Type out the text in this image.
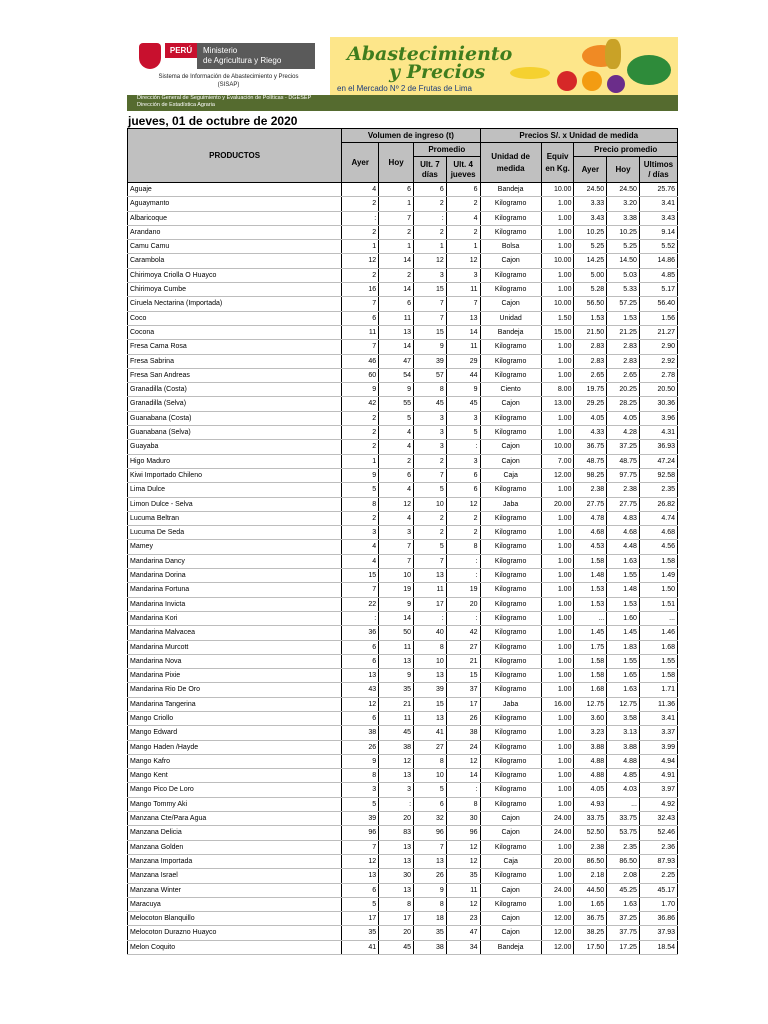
PERÚ	Ministerio
de Agricultura y Riego
Sistema de Información de Abastecimiento y Precios
(SISAP)
Abastecimiento
y Precios
en el Mercado Nº 2 de Frutas de Lima
Dirección General de Seguimiento y Evaluación de Políticas - DGESEP
Dirección de Estadística Agraria
jueves, 01 de octubre de 2020
PRODUCTOS	Volumen de ingreso (t)				Precios S/. x Unidad de medida				
	Ayer	Hoy	Promedio		Unidad de medida	Equiv en Kg.	Precio promedio		
			Ult. 7 días	Ult. 4 jueves			Ayer	Hoy	Ultimos / días
Aguaje	4	6	6	6	Bandeja	10.00	24.50	24.50	25.76
Aguaymanto	2	1	2	2	Kilogramo	1.00	3.33	3.20	3.41
Albaricoque	:	7	:	4	Kilogramo	1.00	3.43	3.38	3.43
Arandano	2	2	2	2	Kilogramo	1.00	10.25	10.25	9.14
Camu Camu	1	1	1	1	Bolsa	1.00	5.25	5.25	5.52
Carambola	12	14	12	12	Cajon	10.00	14.25	14.50	14.86
Chirimoya Criolla O Huayco	2	2	3	3	Kilogramo	1.00	5.00	5.03	4.85
Chirimoya Cumbe	16	14	15	11	Kilogramo	1.00	5.28	5.33	5.17
Ciruela Nectarina (Importada)	7	6	7	7	Cajon	10.00	56.50	57.25	56.40
Coco	6	11	7	13	Unidad	1.50	1.53	1.53	1.56
Cocona	11	13	15	14	Bandeja	15.00	21.50	21.25	21.27
Fresa Cama Rosa	7	14	9	11	Kilogramo	1.00	2.83	2.83	2.90
Fresa Sabrina	46	47	39	29	Kilogramo	1.00	2.83	2.83	2.92
Fresa San Andreas	60	54	57	44	Kilogramo	1.00	2.65	2.65	2.78
Granadilla (Costa)	9	9	8	9	Ciento	8.00	19.75	20.25	20.50
Granadilla (Selva)	42	55	45	45	Cajon	13.00	29.25	28.25	30.36
Guanabana (Costa)	2	5	3	3	Kilogramo	1.00	4.05	4.05	3.96
Guanabana (Selva)	2	4	3	5	Kilogramo	1.00	4.33	4.28	4.31
Guayaba	2	4	3	:	Cajon	10.00	36.75	37.25	36.93
Higo Maduro	1	2	2	3	Cajon	7.00	48.75	48.75	47.24
Kiwi Importado Chileno	9	6	7	6	Caja	12.00	98.25	97.75	92.58
Lima Dulce	5	4	5	6	Kilogramo	1.00	2.38	2.38	2.35
Limon Dulce - Selva	8	12	10	12	Jaba	20.00	27.75	27.75	26.82
Lucuma Beltran	2	4	2	2	Kilogramo	1.00	4.78	4.83	4.74
Lucuma De Seda	3	3	2	2	Kilogramo	1.00	4.68	4.68	4.68
Mamey	4	7	5	8	Kilogramo	1.00	4.53	4.48	4.56
Mandarina Dancy	4	7	7	:	Kilogramo	1.00	1.58	1.63	1.58
Mandarina Dorina	15	10	13	:	Kilogramo	1.00	1.48	1.55	1.49
Mandarina Fortuna	7	19	11	19	Kilogramo	1.00	1.53	1.48	1.50
Mandarina Invicta	22	9	17	20	Kilogramo	1.00	1.53	1.53	1.51
Mandarina Kori	:	14	:	:	Kilogramo	1.00	...	1.60	...
Mandarina Malvacea	36	50	40	42	Kilogramo	1.00	1.45	1.45	1.46
Mandarina Murcott	6	11	8	27	Kilogramo	1.00	1.75	1.83	1.68
Mandarina Nova	6	13	10	21	Kilogramo	1.00	1.58	1.55	1.55
Mandarina Pixie	13	9	13	15	Kilogramo	1.00	1.58	1.65	1.58
Mandarina Rio De Oro	43	35	39	37	Kilogramo	1.00	1.68	1.63	1.71
Mandarina Tangerina	12	21	15	17	Jaba	16.00	12.75	12.75	11.36
Mango Criollo	6	11	13	26	Kilogramo	1.00	3.60	3.58	3.41
Mango Edward	38	45	41	38	Kilogramo	1.00	3.23	3.13	3.37
Mango Haden /Hayde	26	38	27	24	Kilogramo	1.00	3.88	3.88	3.99
Mango Kafro	9	12	8	12	Kilogramo	1.00	4.88	4.88	4.94
Mango Kent	8	13	10	14	Kilogramo	1.00	4.88	4.85	4.91
Mango Pico De Loro	3	3	5	:	Kilogramo	1.00	4.05	4.03	3.97
Mango Tommy Aki	5	:	6	8	Kilogramo	1.00	4.93	...	4.92
Manzana Cte/Para Agua	39	20	32	30	Cajon	24.00	33.75	33.75	32.43
Manzana Delicia	96	83	96	96	Cajon	24.00	52.50	53.75	52.46
Manzana Golden	7	13	7	12	Kilogramo	1.00	2.38	2.35	2.36
Manzana Importada	12	13	13	12	Caja	20.00	86.50	86.50	87.93
Manzana Israel	13	30	26	35	Kilogramo	1.00	2.18	2.08	2.25
Manzana Winter	6	13	9	11	Cajon	24.00	44.50	45.25	45.17
Maracuya	5	8	8	12	Kilogramo	1.00	1.65	1.63	1.70
Melocoton Blanquillo	17	17	18	23	Cajon	12.00	36.75	37.25	36.86
Melocoton Durazno Huayco	35	20	35	47	Cajon	12.00	38.25	37.75	37.93
Melon Coquito	41	45	38	34	Bandeja	12.00	17.50	17.25	18.54
